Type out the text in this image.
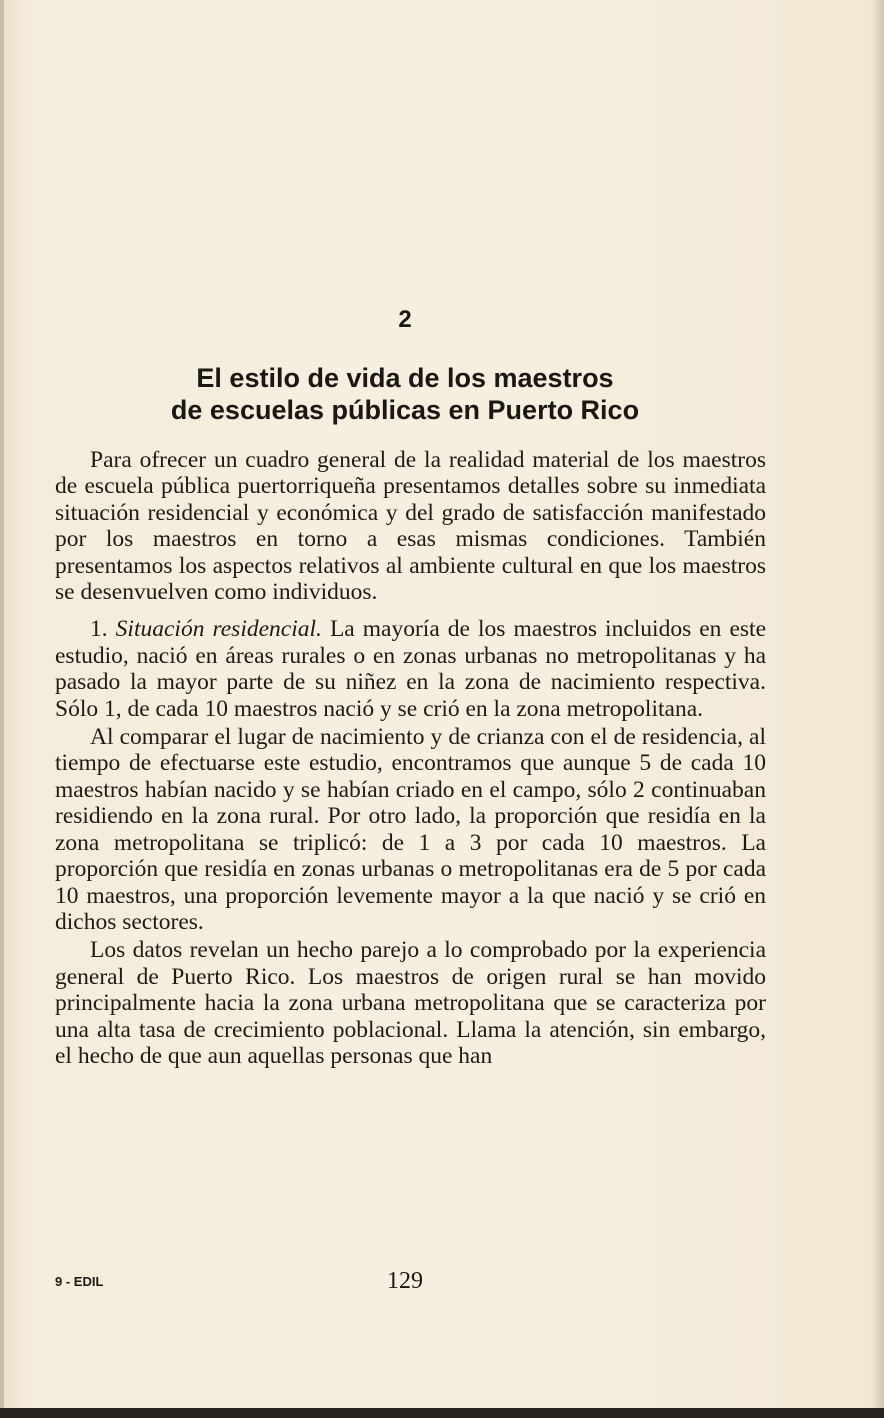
2
El estilo de vida de los maestros
de escuelas públicas en Puerto Rico

Para ofrecer un cuadro general de la realidad material de los maestros de escuela pública puertorriqueña presentamos detalles sobre su inmediata situación residencial y económica y del grado de satisfacción manifestado por los maestros en torno a esas mismas condiciones. También presentamos los aspectos relativos al ambiente cultural en que los maestros se desenvuelven como individuos.

1. Situación residencial. La mayoría de los maestros incluidos en este estudio, nació en áreas rurales o en zonas urbanas no metropolitanas y ha pasado la mayor parte de su niñez en la zona de nacimiento respectiva. Sólo 1, de cada 10 maestros nació y se crió en la zona metropolitana.

Al comparar el lugar de nacimiento y de crianza con el de residencia, al tiempo de efectuarse este estudio, encontramos que aunque 5 de cada 10 maestros habían nacido y se habían criado en el campo, sólo 2 continuaban residiendo en la zona rural. Por otro lado, la proporción que residía en la zona metropolitana se triplicó: de 1 a 3 por cada 10 maestros. La proporción que residía en zonas urbanas o metropolitanas era de 5 por cada 10 maestros, una proporción levemente mayor a la que nació y se crió en dichos sectores.

Los datos revelan un hecho parejo a lo comprobado por la experiencia general de Puerto Rico. Los maestros de origen rural se han movido principalmente hacia la zona urbana metropolitana que se caracteriza por una alta tasa de crecimiento poblacional. Llama la atención, sin embargo, el hecho de que aun aquellas personas que han

9 - EDIL	129
